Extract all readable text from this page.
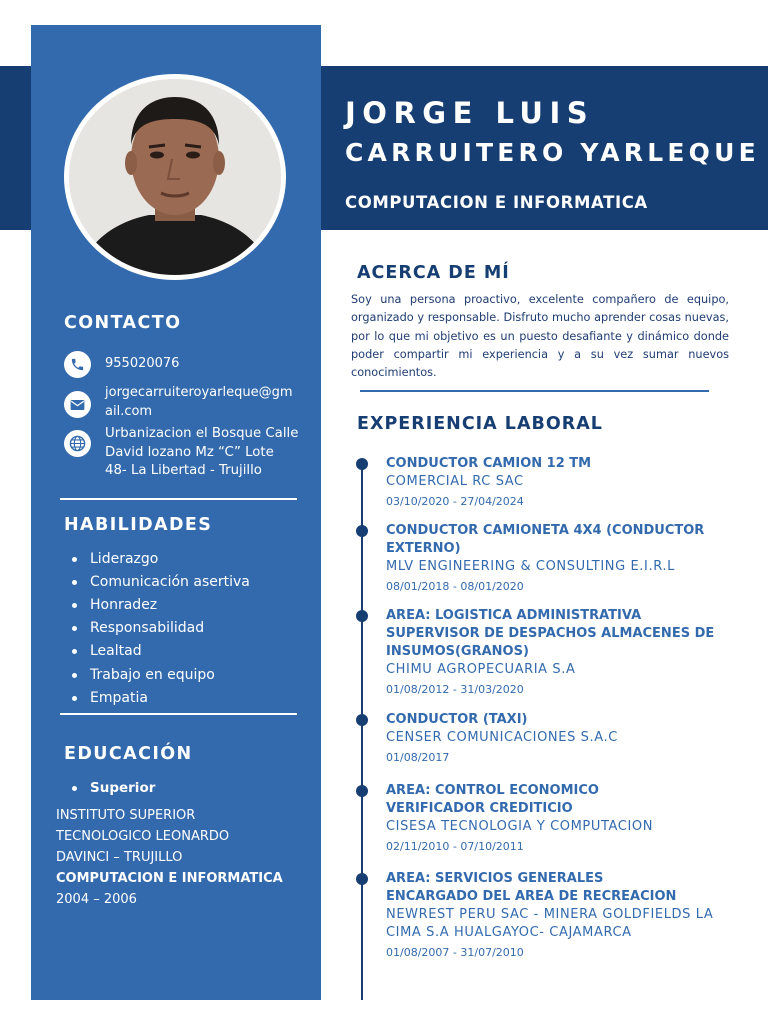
CONTACTO
955020076
jorgecarruiteroyarleque@gmail.com
Urbanizacion el Bosque Calle David lozano Mz “C” Lote 48- La Libertad - Trujillo
HABILIDADES
Liderazgo
Comunicación asertiva
Honradez
Responsabilidad
Lealtad
Trabajo en equipo
Empatia
EDUCACIÓN
Superior
INSTITUTO SUPERIOR
TECNOLOGICO LEONARDO
DAVINCI – TRUJILLO
COMPUTACION E INFORMATICA
2004 – 2006
JORGE LUIS
CARRUITERO YARLEQUE
COMPUTACION E INFORMATICA
ACERCA DE MÍ
Soy una persona proactivo, excelente compañero de equipo, organizado y responsable. Disfruto mucho aprender cosas nuevas, por lo que mi objetivo es un puesto desafiante y dinámico donde poder compartir mi experiencia y a su vez sumar nuevos conocimientos.
EXPERIENCIA LABORAL
CONDUCTOR CAMION 12 TM
COMERCIAL RC SAC
03/10/2020 - 27/04/2024
CONDUCTOR CAMIONETA 4X4 (CONDUCTOR
EXTERNO)
MLV ENGINEERING & CONSULTING E.I.R.L
08/01/2018 - 08/01/2020
AREA: LOGISTICA ADMINISTRATIVA
SUPERVISOR DE DESPACHOS ALMACENES DE
INSUMOS(GRANOS)
CHIMU AGROPECUARIA S.A
01/08/2012 - 31/03/2020
CONDUCTOR (TAXI)
CENSER COMUNICACIONES S.A.C
01/08/2017
AREA: CONTROL ECONOMICO
VERIFICADOR CREDITICIO
CISESA TECNOLOGIA Y COMPUTACION
02/11/2010 - 07/10/2011
AREA: SERVICIOS GENERALES
ENCARGADO DEL AREA DE RECREACION
NEWREST PERU SAC - MINERA GOLDFIELDS LA
CIMA S.A HUALGAYOC- CAJAMARCA
01/08/2007 - 31/07/2010
